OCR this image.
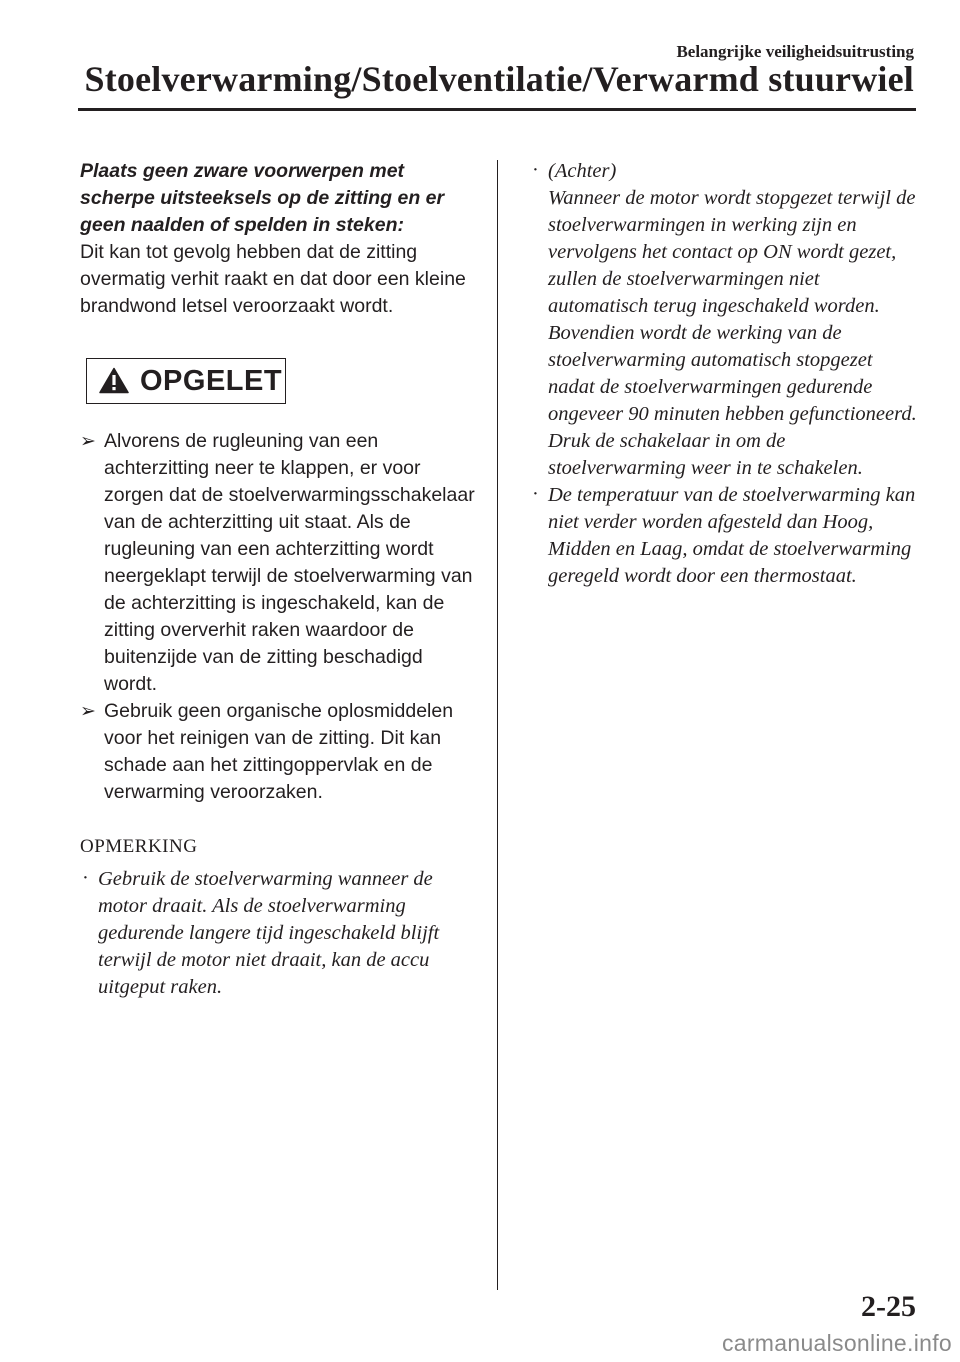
Belangrijke veiligheidsuitrusting
Stoelverwarming/Stoelventilatie/Verwarmd stuurwiel
Plaats geen zware voorwerpen met scherpe uitsteeksels op de zitting en er geen naalden of spelden in steken:
Dit kan tot gevolg hebben dat de zitting overmatig verhit raakt en dat door een kleine brandwond letsel veroorzaakt wordt.
OPGELET
➢ Alvorens de rugleuning van een achterzitting neer te klappen, er voor zorgen dat de stoelverwarmingsschakelaar van de achterzitting uit staat. Als de rugleuning van een achterzitting wordt neergeklapt terwijl de stoelverwarming van de achterzitting is ingeschakeld, kan de zitting oververhit raken waardoor de buitenzijde van de zitting beschadigd wordt.
➢ Gebruik geen organische oplosmiddelen voor het reinigen van de zitting. Dit kan schade aan het zittingoppervlak en de verwarming veroorzaken.
OPMERKING
· Gebruik de stoelverwarming wanneer de motor draait. Als de stoelverwarming gedurende langere tijd ingeschakeld blijft terwijl de motor niet draait, kan de accu uitgeput raken.
· (Achter)
Wanneer de motor wordt stopgezet terwijl de stoelverwarmingen in werking zijn en vervolgens het contact op ON wordt gezet, zullen de stoelverwarmingen niet automatisch terug ingeschakeld worden. Bovendien wordt de werking van de stoelverwarming automatisch stopgezet nadat de stoelverwarmingen gedurende ongeveer 90 minuten hebben gefunctioneerd.
Druk de schakelaar in om de stoelverwarming weer in te schakelen.
· De temperatuur van de stoelverwarming kan niet verder worden afgesteld dan Hoog, Midden en Laag, omdat de stoelverwarming geregeld wordt door een thermostaat.
2-25
carmanualsonline.info
